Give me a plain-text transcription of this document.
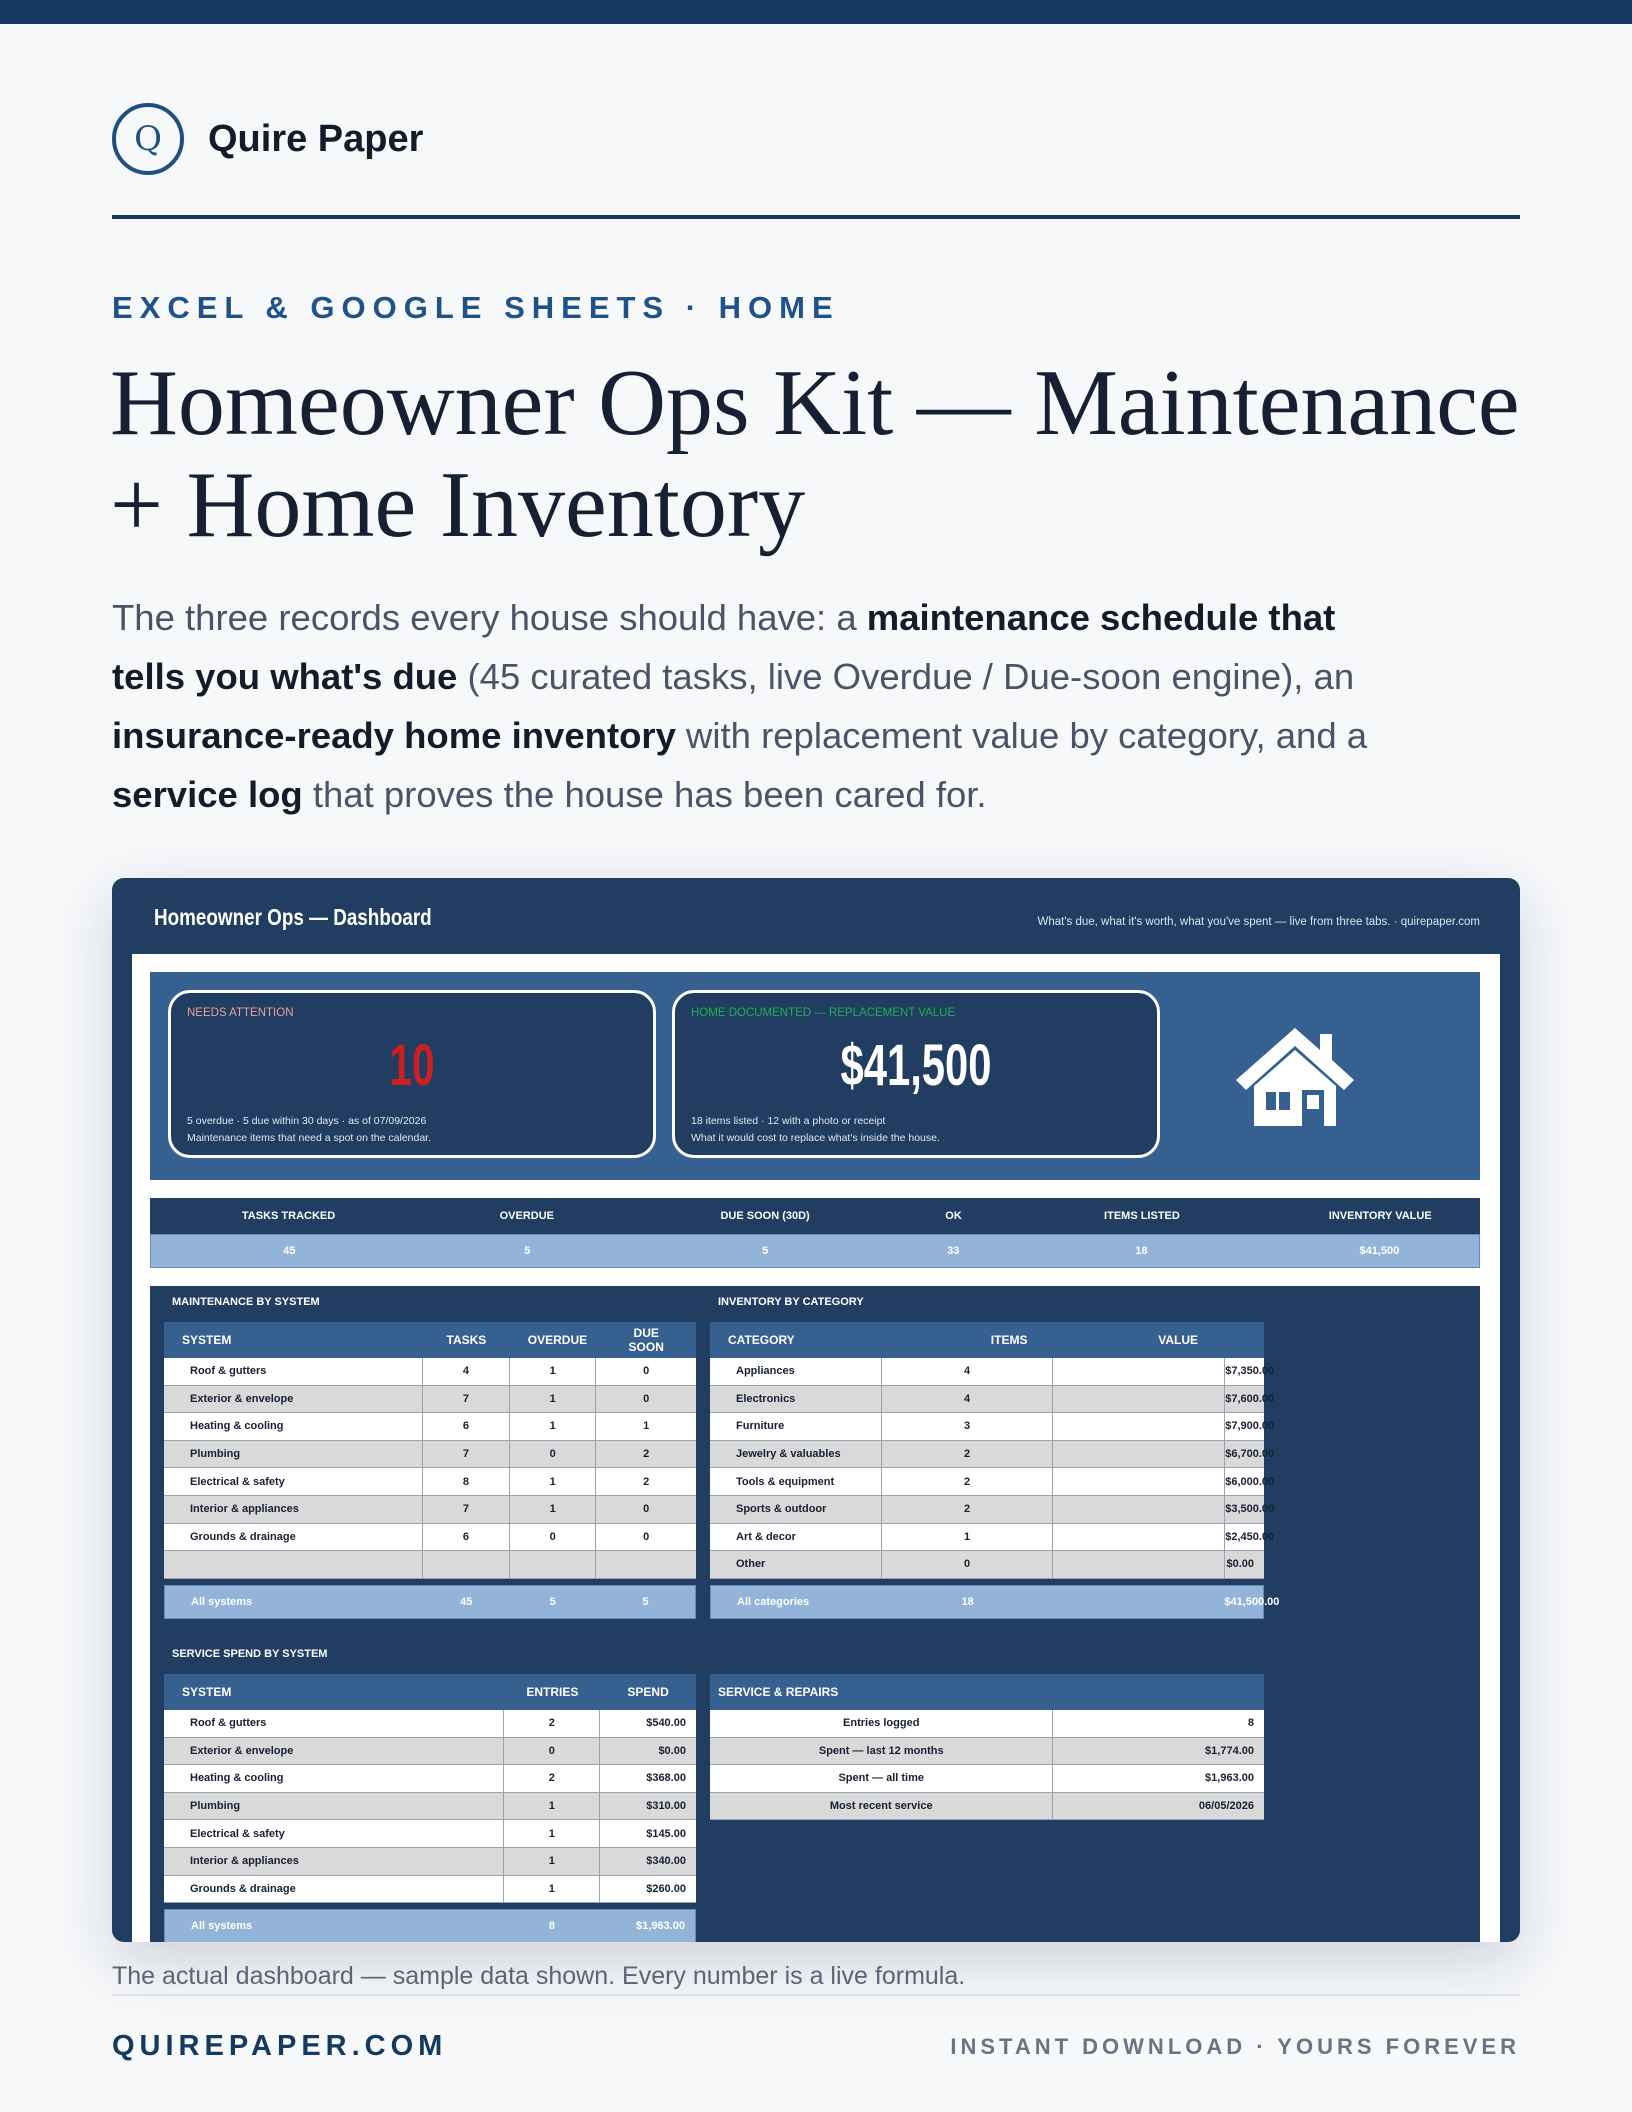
Q	Quire Paper
EXCEL & GOOGLE SHEETS · HOME
Homeowner Ops Kit — Maintenance + Home Inventory

The three records every house should have: a maintenance schedule that tells you what's due (45 curated tasks, live Overdue / Due-soon engine), an insurance-ready home inventory with replacement value by category, and a service log that proves the house has been cared for.

Homeowner Ops — Dashboard	What's due, what it's worth, what you've spent — live from three tabs. · quirepaper.com
NEEDS ATTENTION
10
5 overdue · 5 due within 30 days · as of 07/09/2026
Maintenance items that need a spot on the calendar.
HOME DOCUMENTED — REPLACEMENT VALUE
$41,500
18 items listed · 12 with a photo or receipt
What it would cost to replace what's inside the house.
TASKS TRACKED	OVERDUE	DUE SOON (30D)	OK	ITEMS LISTED	INVENTORY VALUE
45	5	5	33	18	$41,500
MAINTENANCE BY SYSTEM	INVENTORY BY CATEGORY
SYSTEM	TASKS	OVERDUE	DUE SOON
Roof & gutters	4	1	0
Exterior & envelope	7	1	0
Heating & cooling	6	1	1
Plumbing	7	0	2
Electrical & safety	8	1	2
Interior & appliances	7	1	0
Grounds & drainage	6	0	0
All systems	45	5	5
CATEGORY	ITEMS	VALUE
Appliances	4	$7,350.00
Electronics	4	$7,600.00
Furniture	3	$7,900.00
Jewelry & valuables	2	$6,700.00
Tools & equipment	2	$6,000.00
Sports & outdoor	2	$3,500.00
Art & decor	1	$2,450.00
Other	0	$0.00
All categories	18	$41,500.00
SERVICE SPEND BY SYSTEM
SYSTEM	ENTRIES	SPEND
Roof & gutters	2	$540.00
Exterior & envelope	0	$0.00
Heating & cooling	2	$368.00
Plumbing	1	$310.00
Electrical & safety	1	$145.00
Interior & appliances	1	$340.00
Grounds & drainage	1	$260.00
All systems	8	$1,963.00
SERVICE & REPAIRS
Entries logged	8
Spent — last 12 months	$1,774.00
Spent — all time	$1,963.00
Most recent service	06/05/2026
The actual dashboard — sample data shown. Every number is a live formula.
QUIREPAPER.COM	INSTANT DOWNLOAD · YOURS FOREVER
